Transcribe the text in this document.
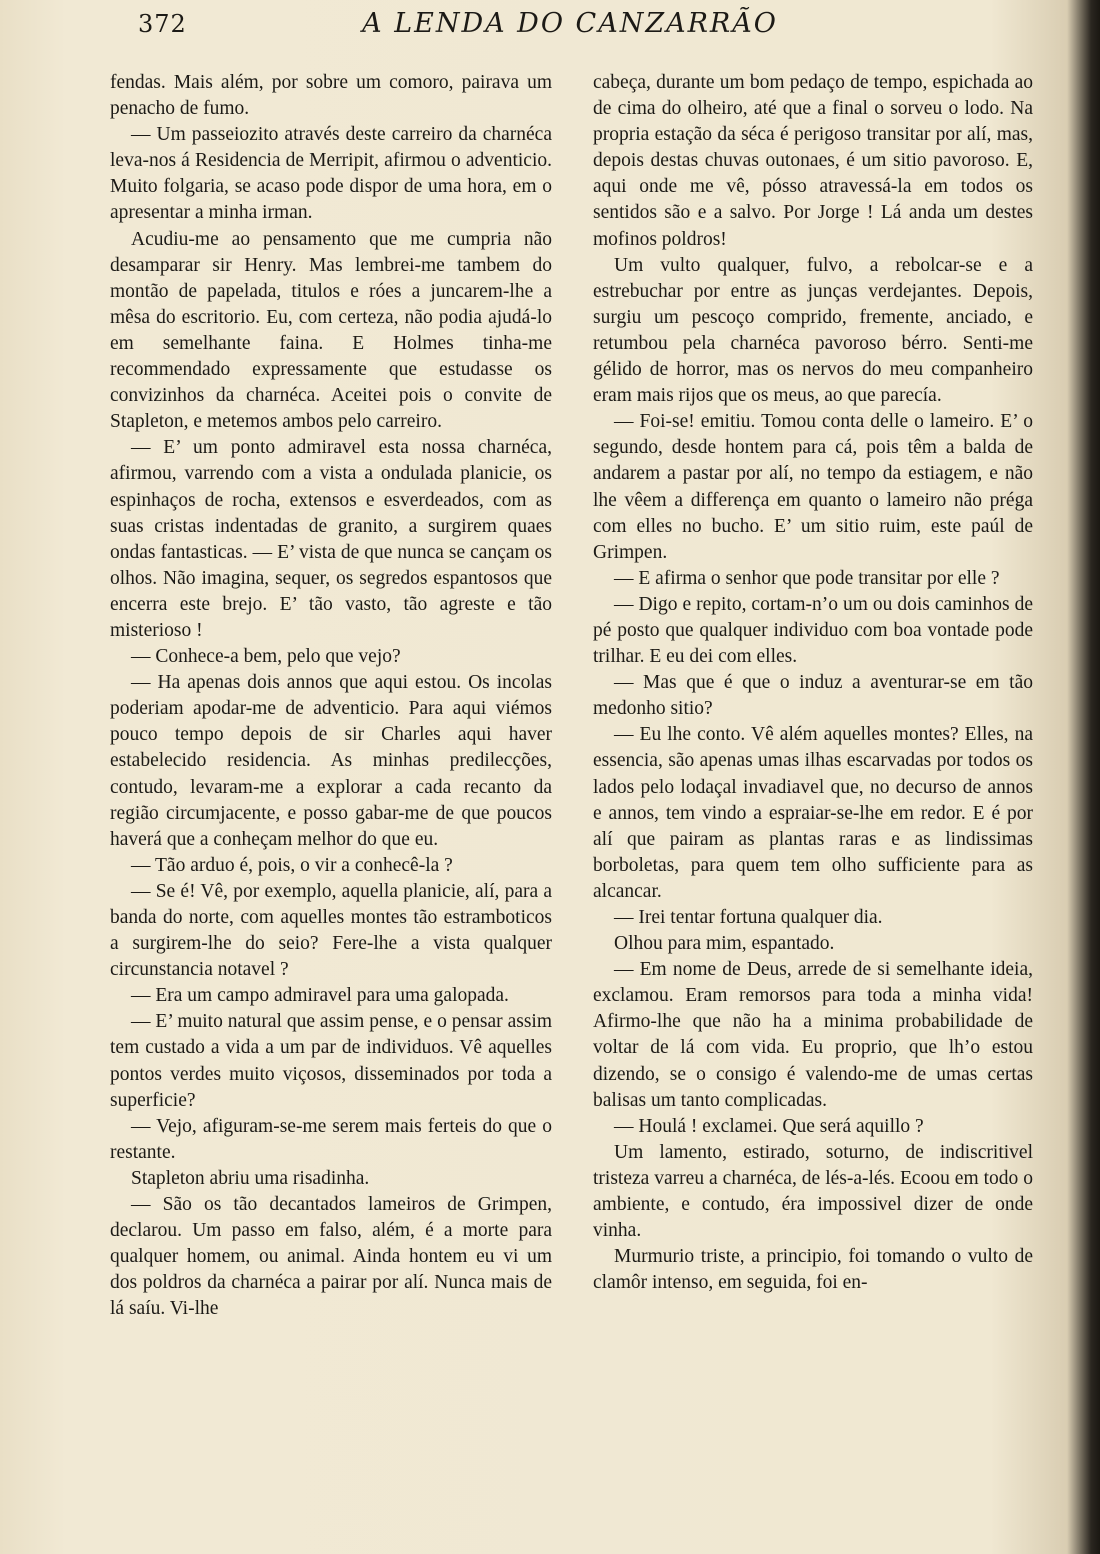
372	A LENDA DO CANZARRÃO

fendas. Mais além, por sobre um comoro, pairava um penacho de fumo.

— Um passeiozito através deste carreiro da charnéca leva-nos á Residencia de Merripit, afirmou o adventicio. Muito folgaria, se acaso pode dispor de uma hora, em o apresentar a minha irman.

Acudiu-me ao pensamento que me cumpria não desamparar sir Henry. Mas lembrei-me tambem do montão de papelada, titulos e róes a juncarem-lhe a mêsa do escritorio. Eu, com certeza, não podia ajudá-lo em semelhante faina. E Holmes tinha-me recommendado expressamente que estudasse os convizinhos da charnéca. Aceitei pois o convite de Stapleton, e metemos ambos pelo carreiro.

— E’ um ponto admiravel esta nossa charnéca, afirmou, varrendo com a vista a ondulada planicie, os espinhaços de rocha, extensos e esverdeados, com as suas cristas indentadas de granito, a surgirem quaes ondas fantasticas. — E’ vista de que nunca se cançam os olhos. Não imagina, sequer, os segredos espantosos que encerra este brejo. E’ tão vasto, tão agreste e tão misterioso !

— Conhece-a bem, pelo que vejo?

— Ha apenas dois annos que aqui estou. Os incolas poderiam apodar-me de adventicio. Para aqui viémos pouco tempo depois de sir Charles aqui haver estabelecido residencia. As minhas predilecções, contudo, levaram-me a explorar a cada recanto da região circumjacente, e posso gabar-me de que poucos haverá que a conheçam melhor do que eu.

— Tão arduo é, pois, o vir a conhecê-la ?

— Se é! Vê, por exemplo, aquella planicie, alí, para a banda do norte, com aquelles montes tão estramboticos a surgirem-lhe do seio? Fere-lhe a vista qualquer circunstancia notavel ?

— Era um campo admiravel para uma galopada.

— E’ muito natural que assim pense, e o pensar assim tem custado a vida a um par de individuos. Vê aquelles pontos verdes muito viçosos, disseminados por toda a superficie?

— Vejo, afiguram-se-me serem mais ferteis do que o restante.

Stapleton abriu uma risadinha.

— São os tão decantados lameiros de Grimpen, declarou. Um passo em falso, além, é a morte para qualquer homem, ou animal. Ainda hontem eu vi um dos poldros da charnéca a pairar por alí. Nunca mais de lá saíu. Vi-lhe

cabeça, durante um bom pedaço de tempo, espichada ao de cima do olheiro, até que a final o sorveu o lodo. Na propria estação da séca é perigoso transitar por alí, mas, depois destas chuvas outonaes, é um sitio pavoroso. E, aqui onde me vê, pósso atravessá-la em todos os sentidos são e a salvo. Por Jorge ! Lá anda um destes mofinos poldros!

Um vulto qualquer, fulvo, a rebolcar-se e a estrebuchar por entre as junças verdejantes. Depois, surgiu um pescoço comprido, fremente, anciado, e retumbou pela charnéca pavoroso bérro. Senti-me gélido de horror, mas os nervos do meu companheiro eram mais rijos que os meus, ao que parecía.

— Foi-se! emitiu. Tomou conta delle o lameiro. E’ o segundo, desde hontem para cá, pois têm a balda de andarem a pastar por alí, no tempo da estiagem, e não lhe vêem a differença em quanto o lameiro não préga com elles no bucho. E’ um sitio ruim, este paúl de Grimpen.

— E afirma o senhor que pode transitar por elle ?

— Digo e repito, cortam-n’o um ou dois caminhos de pé posto que qualquer individuo com boa vontade pode trilhar. E eu dei com elles.

— Mas que é que o induz a aventurar-se em tão medonho sitio?

— Eu lhe conto. Vê além aquelles montes? Elles, na essencia, são apenas umas ilhas escarvadas por todos os lados pelo lodaçal invadiavel que, no decurso de annos e annos, tem vindo a espraiar-se-lhe em redor. E é por alí que pairam as plantas raras e as lindissimas borboletas, para quem tem olho sufficiente para as alcancar.

— Irei tentar fortuna qualquer dia.

Olhou para mim, espantado.

— Em nome de Deus, arrede de si semelhante ideia, exclamou. Eram remorsos para toda a minha vida! Afirmo-lhe que não ha a minima probabilidade de voltar de lá com vida. Eu proprio, que lh’o estou dizendo, se o consigo é valendo-me de umas certas balisas um tanto complicadas.

— Houlá ! exclamei. Que será aquillo ?

Um lamento, estirado, soturno, de indiscritivel tristeza varreu a charnéca, de lés-a-lés. Ecoou em todo o ambiente, e contudo, éra impossivel dizer de onde vinha.

Murmurio triste, a principio, foi tomando o vulto de clamôr intenso, em seguida, foi en-
